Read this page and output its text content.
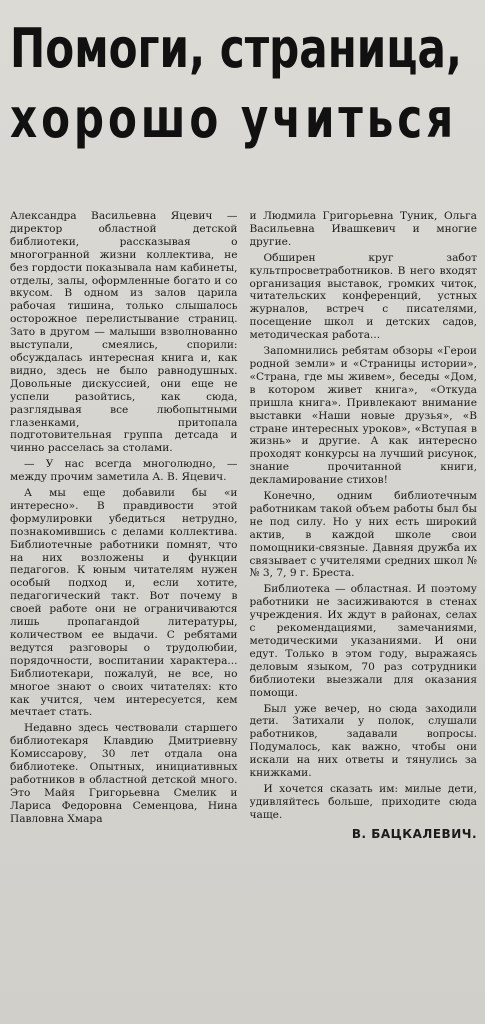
Помоги, страница,
хорошо учиться

Александра Васильевна Яцевич — директор областной детской библиотеки, рассказывая о многогранной жизни коллектива, не без гордости показывала нам кабинеты, отделы, залы, оформленные богато и со вкусом. В одном из залов царила рабочая тишина, только слышалось осторожное перелистывание страниц. Зато в другом — малыши взволнованно выступали, смеялись, спорили: обсуждалась интересная книга и, как видно, здесь не было равнодушных. Довольные дискуссией, они еще не успели разойтись, как сюда, разглядывая все любопытными глазенками, притопала подготовительная группа детсада и чинно расселась за столами.

— У нас всегда многолюдно, — между прочим заметила А. В. Яцевич.

А мы еще добавили бы «и интересно». В правдивости этой формулировки убедиться нетрудно, познакомившись с делами коллектива. Библиотечные работники помнят, что на них возложены и функции педагогов. К юным читателям нужен особый подход и, если хотите, педагогический такт. Вот почему в своей работе они не ограничиваются лишь пропагандой литературы, количеством ее выдачи. С ребятами ведутся разговоры о трудолюбии, порядочности, воспитании характера... Библиотекари, пожалуй, не все, но многое знают о своих читателях: кто как учится, чем интересуется, кем мечтает стать.

Недавно здесь чествовали старшего библиотекаря Клавдию Дмитриевну Комиссарову, 30 лет отдала она библиотеке. Опытных, инициативных работников в областной детской много. Это Майя Григорьевна Смелик и Лариса Федоровна Семенцова, Нина Павловна Хмара

и Людмила Григорьевна Туник, Ольга Васильевна Ивашкевич и многие другие.

Обширен круг забот культпросветработников. В него входят организация выставок, громких читок, читательских конференций, устных журналов, встреч с писателями, посещение школ и детских садов, методическая работа...

Запомнились ребятам обзоры «Герои родной земли» и «Страницы истории», «Страна, где мы живем», беседы «Дом, в котором живет книга», «Откуда пришла книга». Привлекают внимание выставки «Наши новые друзья», «В стране интересных уроков», «Вступая в жизнь» и другие. А как интересно проходят конкурсы на лучший рисунок, знание прочитанной книги, декламирование стихов!

Конечно, одним библиотечным работникам такой объем работы был бы не под силу. Но у них есть широкий актив, в каждой школе свои помощники-связные. Давняя дружба их связывает с учителями средних школ №№ 3, 7, 9 г. Бреста.

Библиотека — областная. И поэтому работники не засиживаются в стенах учреждения. Их ждут в районах, селах с рекомендациями, замечаниями, методическими указаниями. И они едут. Только в этом году, выражаясь деловым языком, 70 раз сотрудники библиотеки выезжали для оказания помощи.

Был уже вечер, но сюда заходили дети. Затихали у полок, слушали работников, задавали вопросы. Подумалось, как важно, чтобы они искали на них ответы и тянулись за книжками.

И хочется сказать им: милые дети, удивляйтесь больше, приходите сюда чаще.

В. БАЦКАЛЕВИЧ.
